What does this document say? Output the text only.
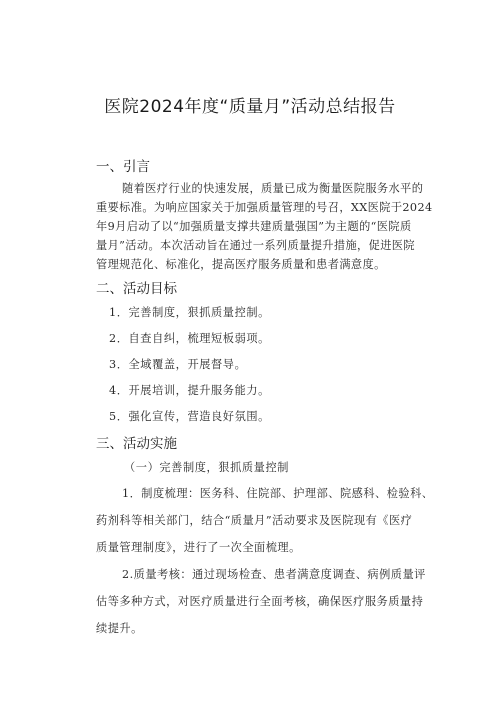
医院2024年度“质量月”活动总结报告
一、引言
随着医疗行业的快速发展，质量已成为衡量医院服务水平的
重要标准。为响应国家关于加强质量管理的号召，XX医院于2024
年9月启动了以“加强质量支撑共建质量强国”为主题的“医院质
量月”活动。本次活动旨在通过一系列质量提升措施，促进医院
管理规范化、标准化，提高医疗服务质量和患者满意度。
二、活动目标
1．完善制度，狠抓质量控制。
2．自查自纠，梳理短板弱项。
3．全域覆盖，开展督导。
4．开展培训，提升服务能力。
5．强化宣传，营造良好氛围。
三、活动实施
（一）完善制度，狠抓质量控制
1．制度梳理：医务科、住院部、护理部、院感科、检验科、
药剂科等相关部门，结合“质量月”活动要求及医院现有《医疗
质量管理制度》，进行了一次全面梳理。
2.质量考核：通过现场检查、患者满意度调查、病例质量评
估等多种方式，对医疗质量进行全面考核，确保医疗服务质量持
续提升。
